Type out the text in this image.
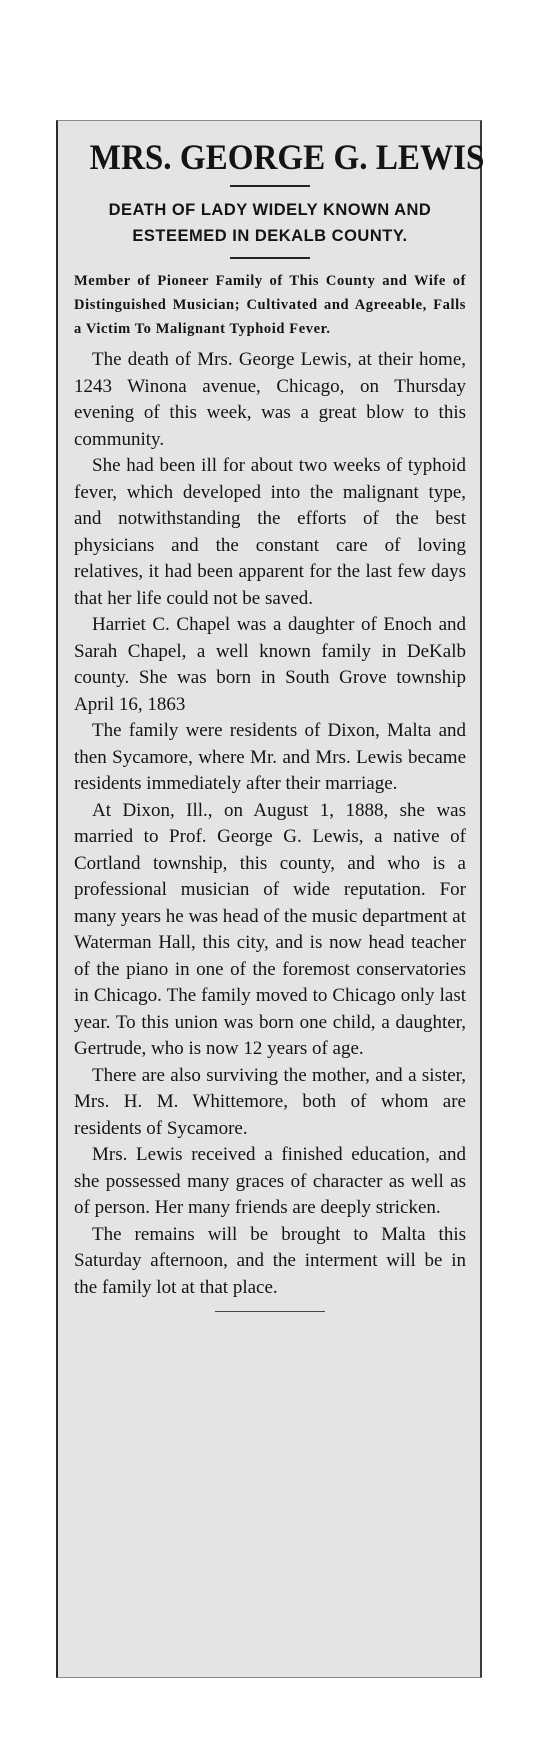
MRS. GEORGE G. LEWIS

DEATH OF LADY WIDELY KNOWN AND ESTEEMED IN DEKALB COUNTY.

Member of Pioneer Family of This County and Wife of Distinguished Musician; Cultivated and Agreeable, Falls a Victim To Malignant Typhoid Fever.

The death of Mrs. George Lewis, at their home, 1243 Winona avenue, Chicago, on Thursday evening of this week, was a great blow to this community.

She had been ill for about two weeks of typhoid fever, which developed into the malignant type, and notwithstanding the efforts of the best physicians and the constant care of loving relatives, it had been apparent for the last few days that her life could not be saved.

Harriet C. Chapel was a daughter of Enoch and Sarah Chapel, a well known family in DeKalb county. She was born in South Grove township April 16, 1863

The family were residents of Dixon, Malta and then Sycamore, where Mr. and Mrs. Lewis became residents immediately after their marriage.

At Dixon, Ill., on August 1, 1888, she was married to Prof. George G. Lewis, a native of Cortland township, this county, and who is a professional musician of wide reputation. For many years he was head of the music department at Waterman Hall, this city, and is now head teacher of the piano in one of the foremost conservatories in Chicago. The family moved to Chicago only last year. To this union was born one child, a daughter, Gertrude, who is now 12 years of age.

There are also surviving the mother, and a sister, Mrs. H. M. Whittemore, both of whom are residents of Sycamore.

Mrs. Lewis received a finished education, and she possessed many graces of character as well as of person. Her many friends are deeply stricken.

The remains will be brought to Malta this Saturday afternoon, and the interment will be in the family lot at that place.
